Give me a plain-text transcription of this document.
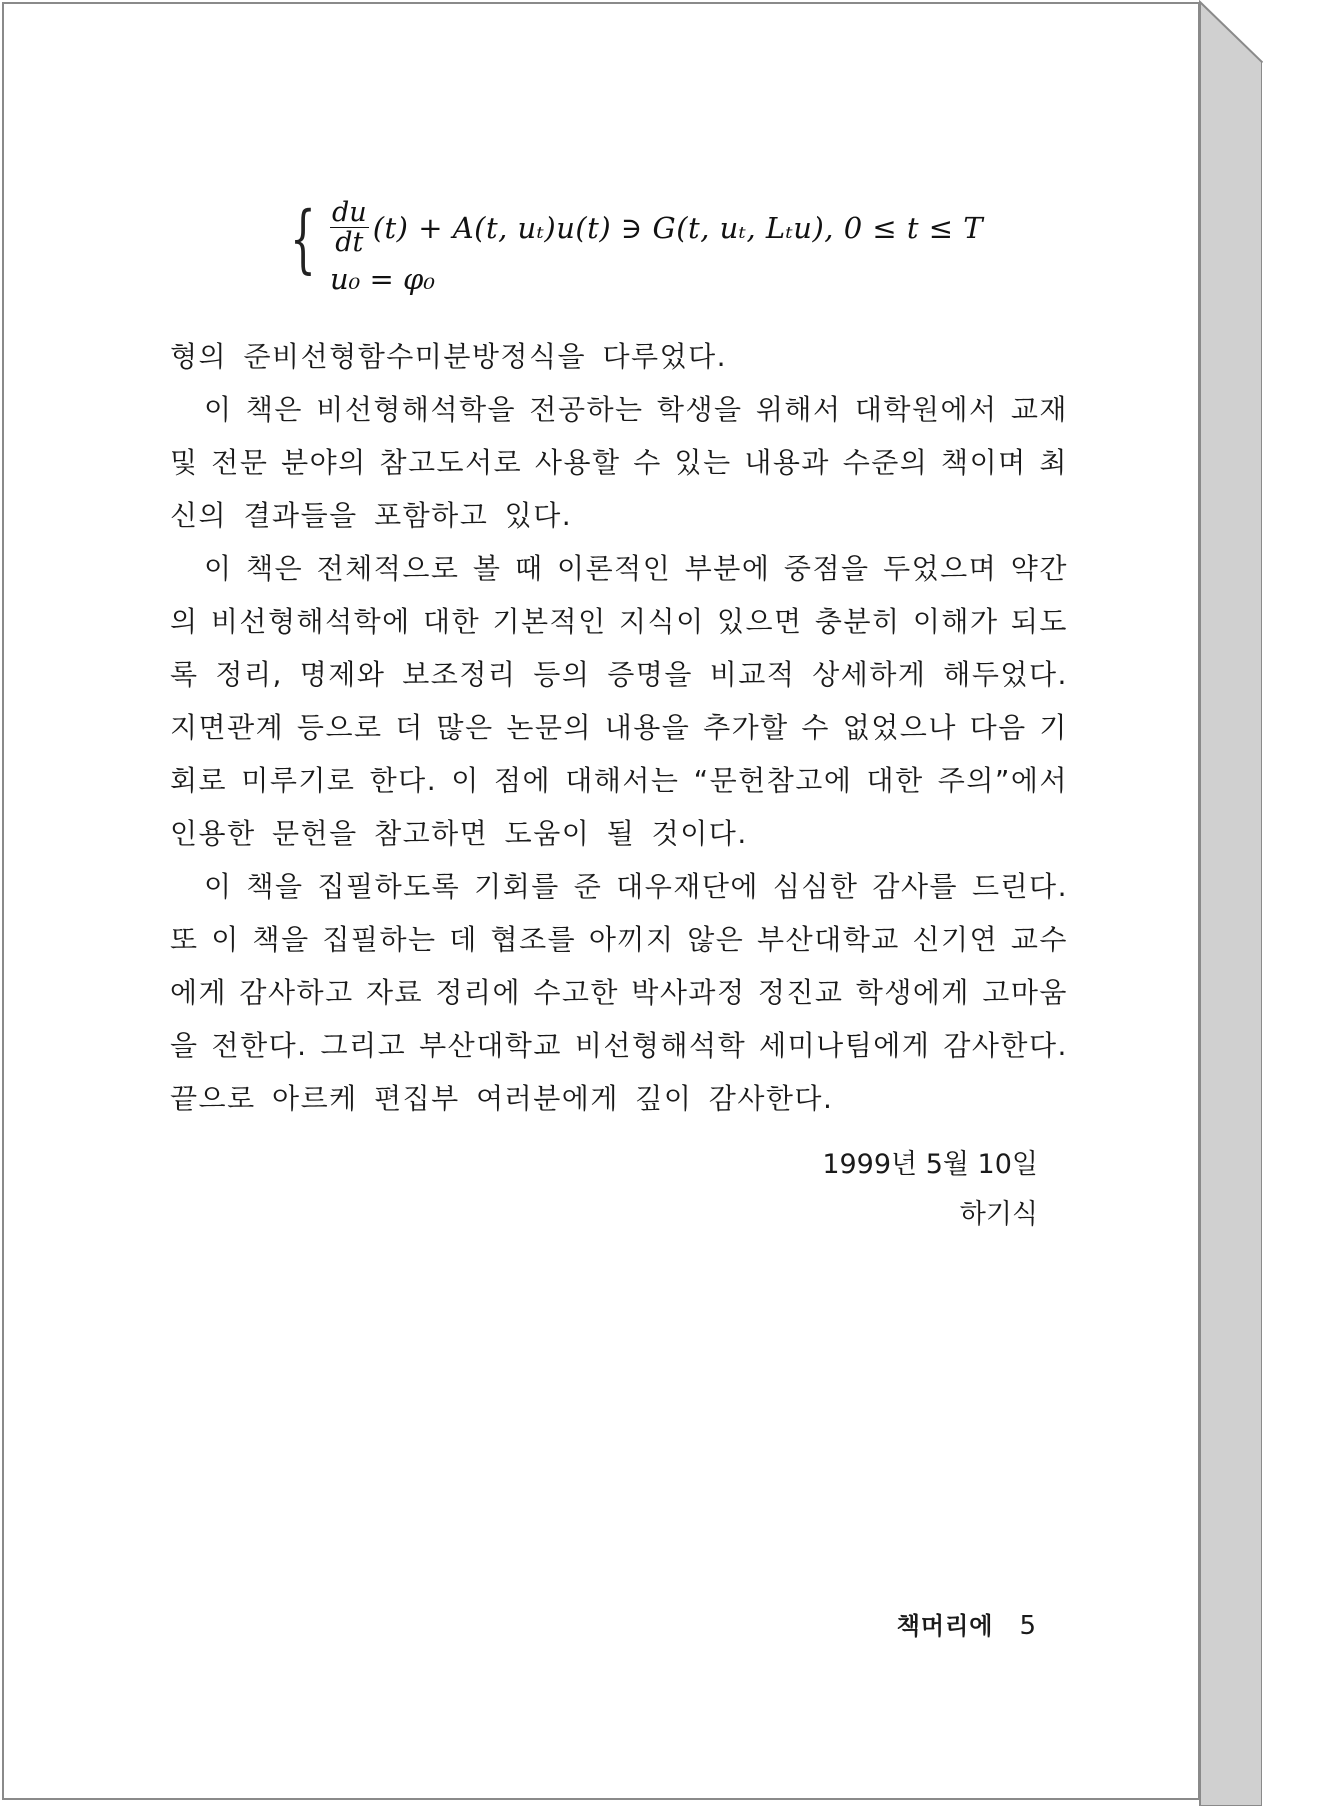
{ $\frac{du}{dt} (t) + A(t$, uₜ)u(t) ∋ G(t, uₜ, Lₜu), 0 ≤ t ≤ T
u₀ = φ₀
형의 준비선형함수미분방정식을 다루었다.
이 책은 비선형해석학을 전공하는 학생을 위해서 대학원에서 교재
및 전문 분야의 참고도서로 사용할 수 있는 내용과 수준의 책이며 최
신의 결과들을 포함하고 있다.
이 책은 전체적으로 볼 때 이론적인 부분에 중점을 두었으며 약간
의 비선형해석학에 대한 기본적인 지식이 있으면 충분히 이해가 되도
록 정리, 명제와 보조정리 등의 증명을 비교적 상세하게 해두었다.
지면관계 등으로 더 많은 논문의 내용을 추가할 수 없었으나 다음 기
회로 미루기로 한다. 이 점에 대해서는 “문헌참고에 대한 주의”에서
인용한 문헌을 참고하면 도움이 될 것이다.
이 책을 집필하도록 기회를 준 대우재단에 심심한 감사를 드린다.
또 이 책을 집필하는 데 협조를 아끼지 않은 부산대학교 신기연 교수
에게 감사하고 자료 정리에 수고한 박사과정 정진교 학생에게 고마움
을 전한다. 그리고 부산대학교 비선형해석학 세미나팀에게 감사한다.
끝으로 아르케 편집부 여러분에게 깊이 감사한다.
1999년 5월 10일
하기식
책머리에 5
